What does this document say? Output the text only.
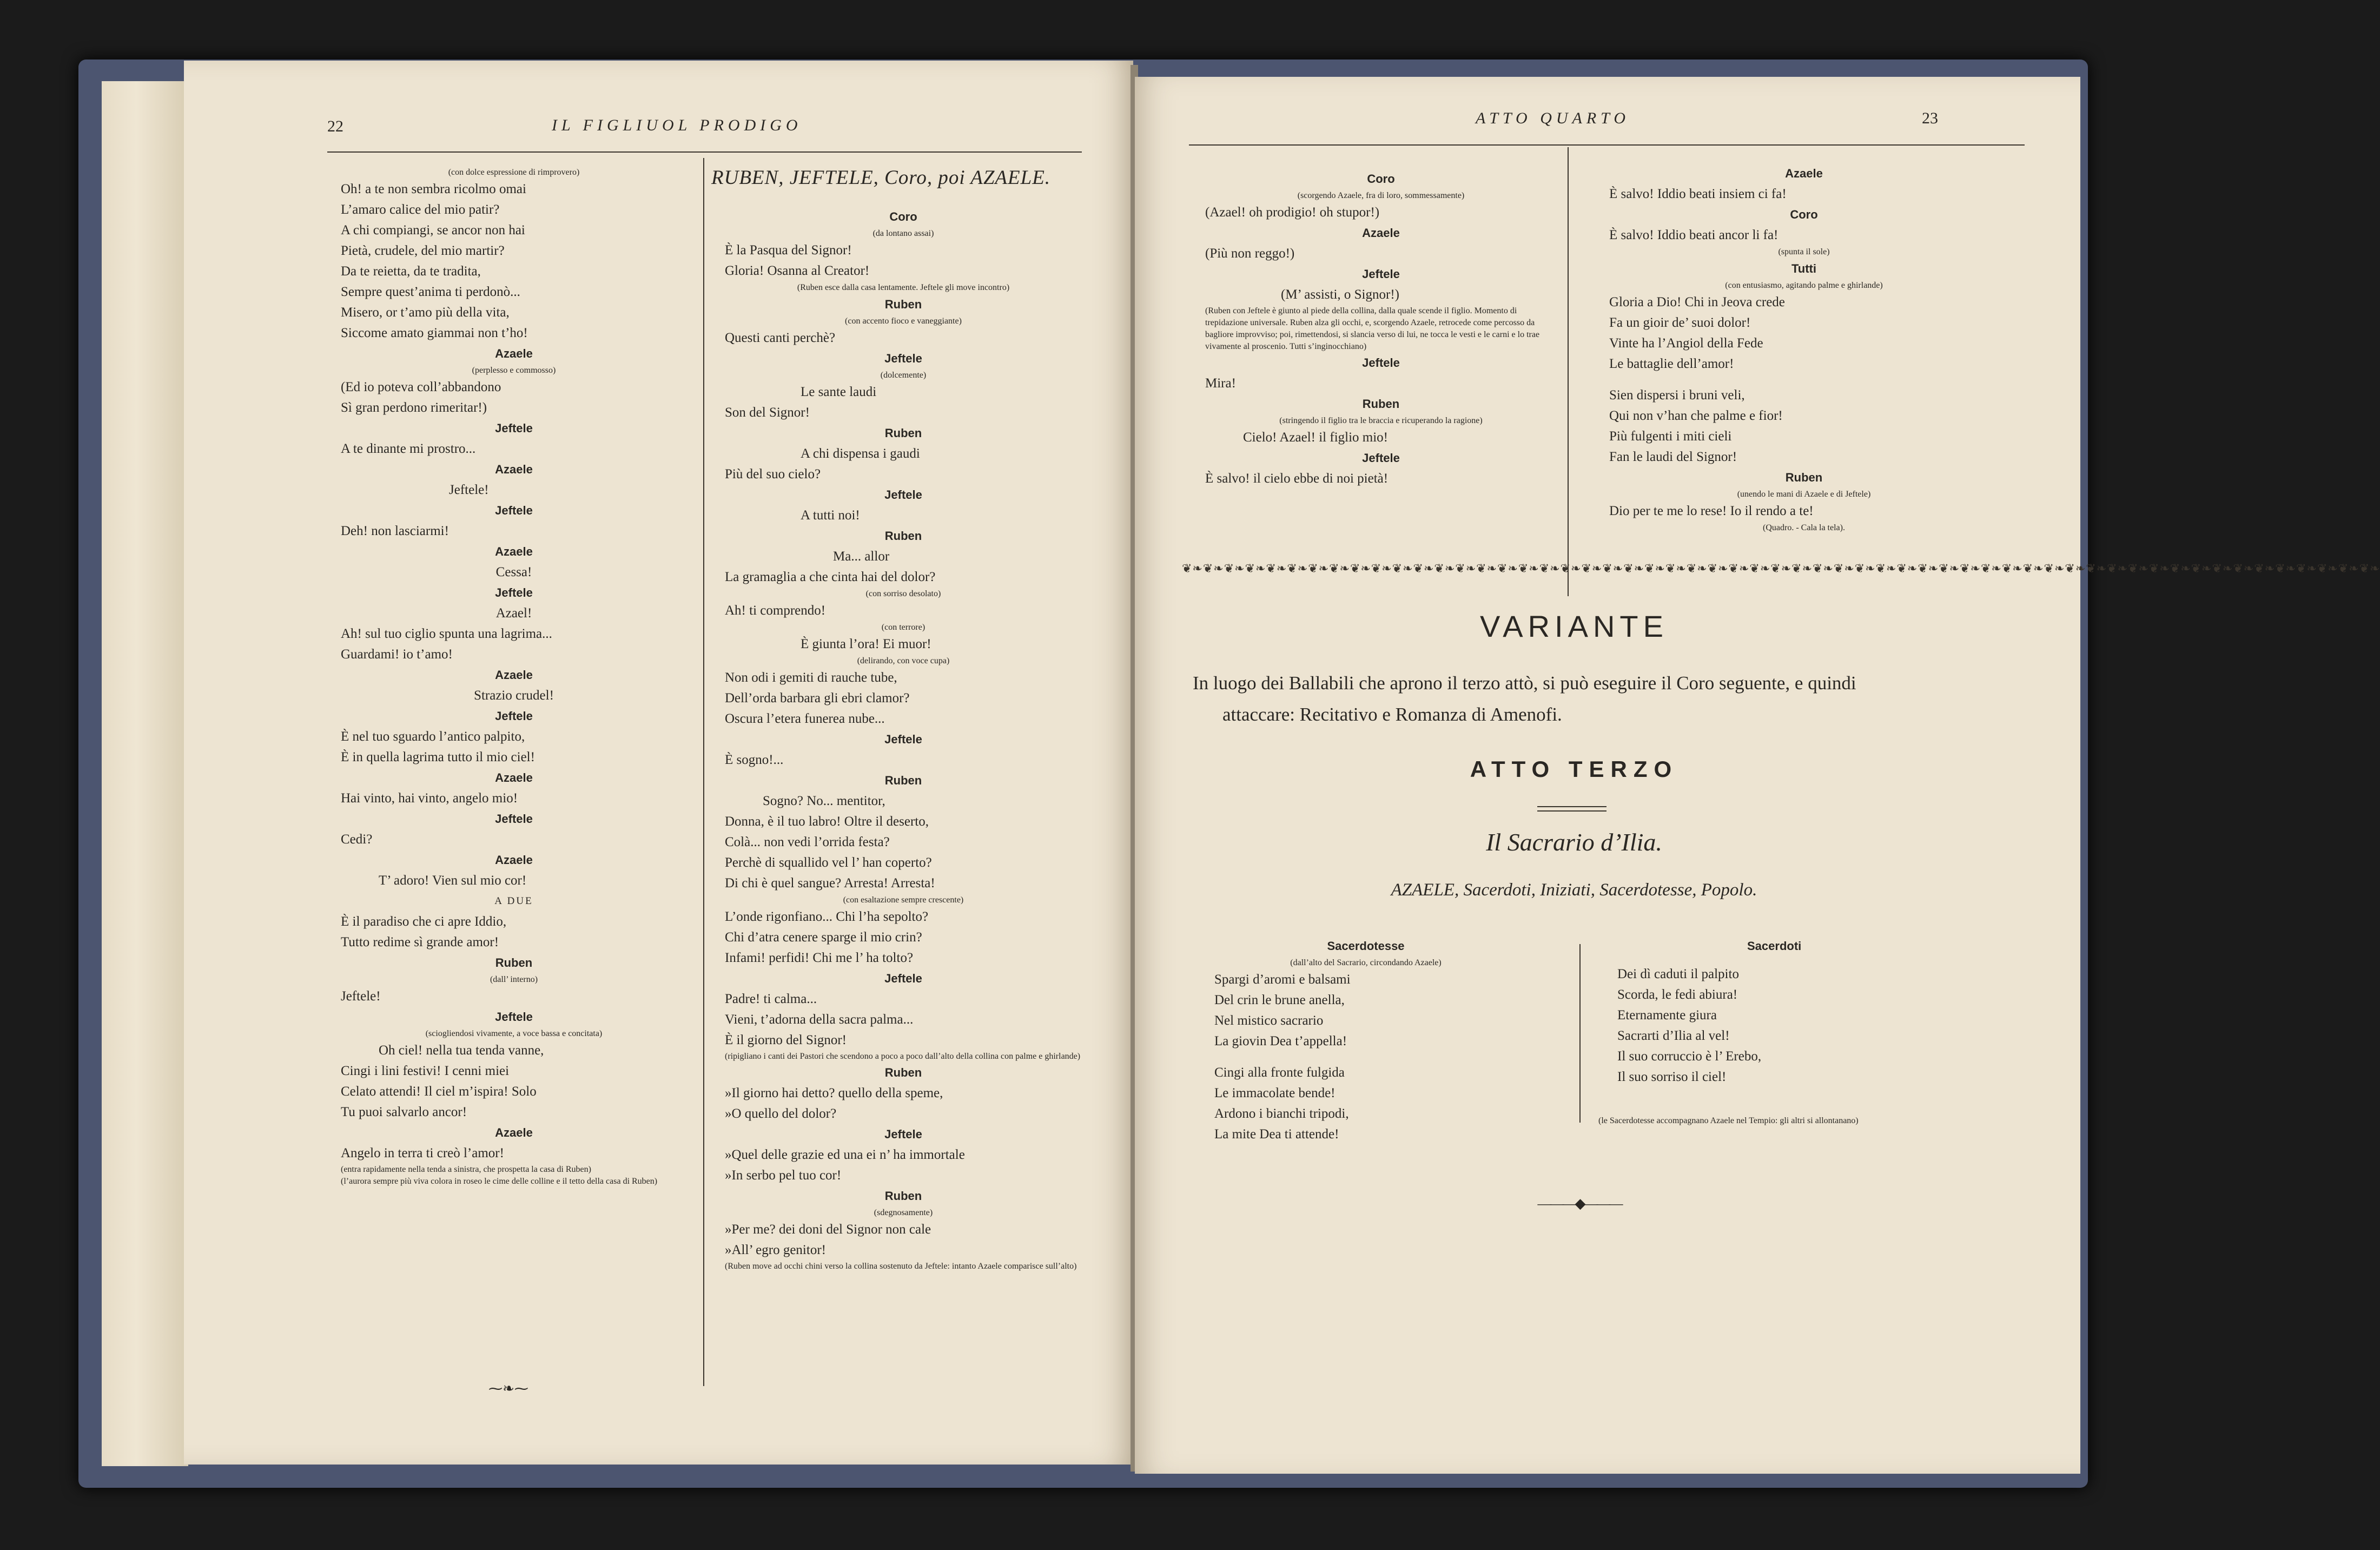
22	IL FIGLIUOL PRODIGO
(con dolce espressione di rimprovero)
Oh! a te non sembra ricolmo omai
L’amaro calice del mio patir?
A chi compiangi, se ancor non hai
Pietà, crudele, del mio martir?
Da te reietta, da te tradita,
Sempre quest’anima ti perdonò...
Misero, or t’amo più della vita,
Siccome amato giammai non t’ho!
Azaele
(perplesso e commosso)
(Ed io poteva coll’abbandono
Sì gran perdono rimeritar!)
Jeftele
A te dinante mi prostro...
Azaele
Jeftele!
Jeftele
Deh! non lasciarmi!
Azaele
Cessa!
Jeftele
Azael!
Ah! sul tuo ciglio spunta una lagrima...
Guardami! io t’amo!
Azaele
Strazio crudel!
Jeftele
È nel tuo sguardo l’antico palpito,
È in quella lagrima tutto il mio ciel!
Azaele
Hai vinto, hai vinto, angelo mio!
Jeftele
Cedi?
Azaele
T’ adoro! Vien sul mio cor!
A DUE
È il paradiso che ci apre Iddio,
Tutto redime sì grande amor!
Ruben
(dall’ interno)
Jeftele!
Jeftele
(sciogliendosi vivamente, a voce bassa e concitata)
Oh ciel! nella tua tenda vanne,
Cingi i lini festivi! I cenni miei
Celato attendi! Il ciel m’ispira! Solo
Tu puoi salvarlo ancor!
Azaele
Angelo in terra ti creò l’amor!
(entra rapidamente nella tenda a sinistra, che prospetta la casa di Ruben)
(l’aurora sempre più viva colora in roseo le cime delle colline e il tetto della casa di Ruben)
RUBEN, JEFTELE, Coro, poi AZAELE.
Coro
(da lontano assai)
È la Pasqua del Signor!
Gloria! Osanna al Creator!
(Ruben esce dalla casa lentamente. Jeftele gli move incontro)
Ruben
(con accento fioco e vaneggiante)
Questi canti perchè?
Jeftele
(dolcemente)
Le sante laudi
Son del Signor!
Ruben
A chi dispensa i gaudi
Più del suo cielo?
Jeftele
A tutti noi!
Ruben
Ma... allor
La gramaglia a che cinta hai del dolor?
(con sorriso desolato)
Ah! ti comprendo!
(con terrore)
È giunta l’ora! Ei muor!
(delirando, con voce cupa)
Non odi i gemiti di rauche tube,
Dell’orda barbara gli ebri clamor?
Oscura l’etera funerea nube...
Jeftele
È sogno!...
Ruben
Sogno? No... mentitor,
Donna, è il tuo labro! Oltre il deserto,
Colà... non vedi l’orrida festa?
Perchè di squallido vel l’ han coperto?
Di chi è quel sangue? Arresta! Arresta!
(con esaltazione sempre crescente)
L’onde rigonfiano... Chi l’ha sepolto?
Chi d’atra cenere sparge il mio crin?
Infami! perfidi! Chi me l’ ha tolto?
Jeftele
Padre! ti calma...
Vieni, t’adorna della sacra palma...
È il giorno del Signor!
(ripigliano i canti dei Pastori che scendono a poco a poco dall’alto della collina con palme e ghirlande)
Ruben
»Il giorno hai detto? quello della speme,
»O quello del dolor?
Jeftele
»Quel delle grazie ed una ei n’ ha immortale
»In serbo pel tuo cor!
Ruben
(sdegnosamente)
»Per me? dei doni del Signor non cale
»All’ egro genitor!
(Ruben move ad occhi chini verso la collina sostenuto da Jeftele: intanto Azaele comparisce sull’alto)
⁓❧⁓
ATTO QUARTO	23
Coro
(scorgendo Azaele, fra di loro, sommessamente)
(Azael! oh prodigio! oh stupor!)
Azaele
(Più non reggo!)
Jeftele
(M’ assisti, o Signor!)
(Ruben con Jeftele è giunto al piede della collina, dalla quale scende il figlio. Momento di trepidazione universale. Ruben alza gli occhi, e, scorgendo Azaele, retrocede come percosso da bagliore improvviso; poi, rimettendosi, si slancia verso di lui, ne tocca le vesti e le carni e lo trae vivamente al proscenio. Tutti s’inginocchiano)
Jeftele
Mira!
Ruben
(stringendo il figlio tra le braccia e ricuperando la ragione)
Cielo! Azael! il figlio mio!
Jeftele
È salvo! il cielo ebbe di noi pietà!
Azaele
È salvo! Iddio beati insiem ci fa!
Coro
È salvo! Iddio beati ancor li fa!
(spunta il sole)
Tutti
(con entusiasmo, agitando palme e ghirlande)
Gloria a Dio! Chi in Jeova crede
Fa un gioir de’ suoi dolor!
Vinte ha l’Angiol della Fede
Le battaglie dell’amor!
Sien dispersi i bruni veli,
Qui non v’han che palme e fior!
Più fulgenti i miti cieli
Fan le laudi del Signor!
Ruben
(unendo le mani di Azaele e di Jeftele)
Dio per te me lo rese! Io il rendo a te!
(Quadro. - Cala la tela).
❦❧❦❧❦❧❦❧❦❧❦❧❦❧❦❧❦❧❦❧❦❧❦❧❦❧❦❧❦❧❦❧❦❧❦❧❦❧❦❧❦❧❦❧❦❧❦❧❦❧❦❧❦❧❦❧❦❧❦❧❦❧❦❧❦❧❦❧❦❧❦❧❦❧❦❧❦❧❦❧❦❧❦❧❦❧❦❧❦❧❦❧❦❧❦❧❦❧❦❧❦❧❦❧❦❧❦❧❦❧❦❧❦❧
VARIANTE
In luogo dei Ballabili che aprono il terzo attò, si può eseguire il Coro seguente, e quindi
attaccare: Recitativo e Romanza di Amenofi.
ATTO TERZO
Il Sacrario d’Ilia.
AZAELE, Sacerdoti, Iniziati, Sacerdotesse, Popolo.
Sacerdotesse
(dall’alto del Sacrario, circondando Azaele)
Spargi d’aromi e balsami
Del crin le brune anella,
Nel mistico sacrario
La giovin Dea t’appella!
Cingi alla fronte fulgida
Le immacolate bende!
Ardono i bianchi tripodi,
La mite Dea ti attende!
Sacerdoti
Dei dì caduti il palpito
Scorda, le fedi abiura!
Eternamente giura
Sacrarti d’Ilia al vel!
Il suo corruccio è l’ Erebo,
Il suo sorriso il ciel!
(le Sacerdotesse accompagnano Azaele nel Tempio: gli altri si allontanano)
———◆———
